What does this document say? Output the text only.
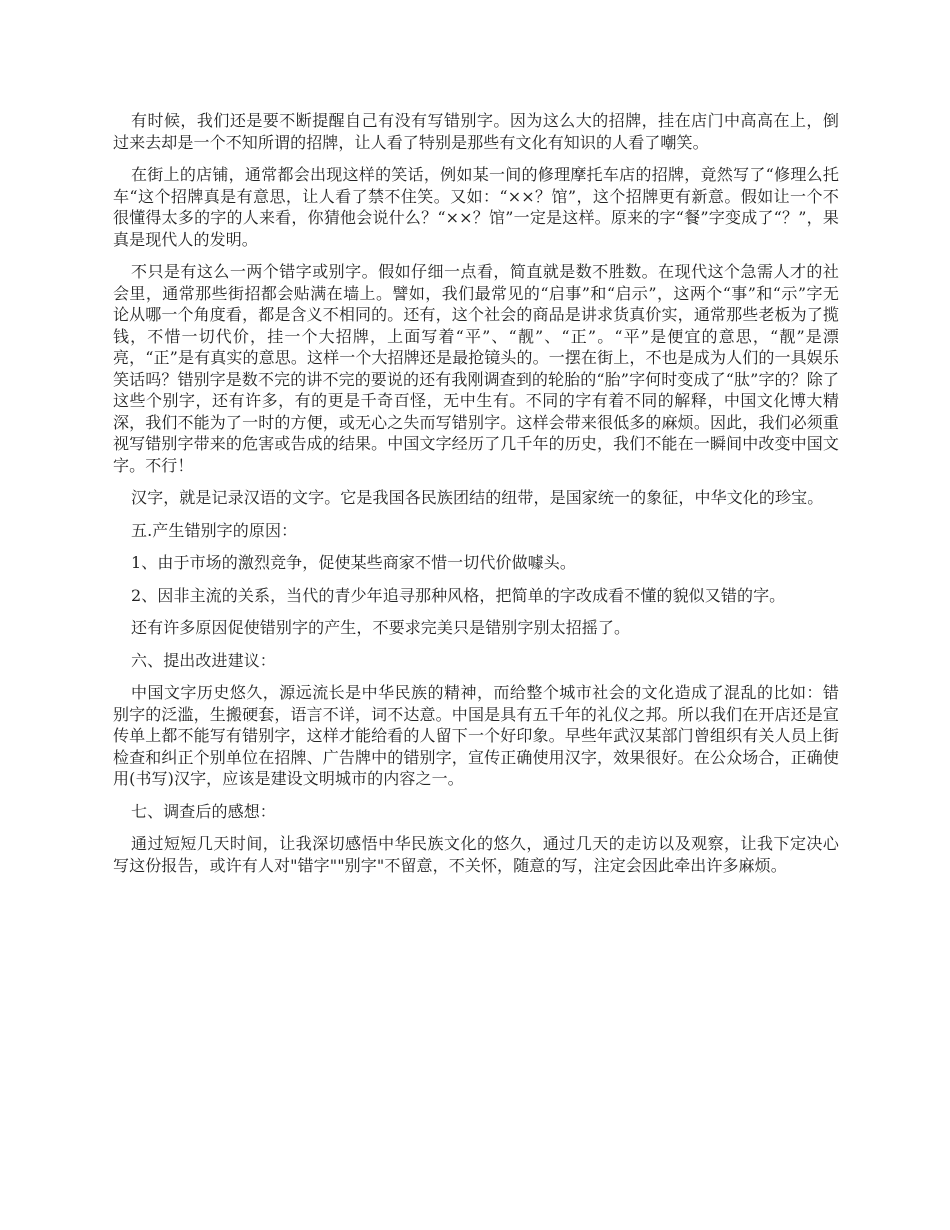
有时候，我们还是要不断提醒自己有没有写错别字。因为这么大的招牌，挂在店门中高高在上，倒过来去却是一个不知所谓的招牌，让人看了特别是那些有文化有知识的人看了嘲笑。

在街上的店铺，通常都会出现这样的笑话，例如某一间的修理摩托车店的招牌，竟然写了“修理么托车“这个招牌真是有意思，让人看了禁不住笑。又如：“××？馆”，这个招牌更有新意。假如让一个不很懂得太多的字的人来看，你猜他会说什么？“××？馆”一定是这样。原来的字“餐”字变成了“？”，果真是现代人的发明。

不只是有这么一两个错字或别字。假如仔细一点看，简直就是数不胜数。在现代这个急需人才的社会里，通常那些街招都会贴满在墙上。譬如，我们最常见的“启事”和“启示”，这两个“事”和“示”字无论从哪一个角度看，都是含义不相同的。还有，这个社会的商品是讲求货真价实，通常那些老板为了揽钱，不惜一切代价，挂一个大招牌，上面写着“平”、“靓”、“正”。“平”是便宜的意思，“靓”是漂亮，“正”是有真实的意思。这样一个大招牌还是最抢镜头的。一摆在街上，不也是成为人们的一具娱乐笑话吗？错别字是数不完的讲不完的要说的还有我刚调查到的轮胎的“胎”字何时变成了“肽”字的？除了这些个别字，还有许多，有的更是千奇百怪，无中生有。不同的字有着不同的解释，中国文化博大精深，我们不能为了一时的方便，或无心之失而写错别字。这样会带来很低多的麻烦。因此，我们必须重视写错别字带来的危害或告成的结果。中国文字经历了几千年的历史，我们不能在一瞬间中改变中国文字。不行！

汉字，就是记录汉语的文字。它是我国各民族团结的纽带，是国家统一的象征，中华文化的珍宝。

五.产生错别字的原因：

1、由于市场的激烈竞争，促使某些商家不惜一切代价做噱头。

2、因非主流的关系，当代的青少年追寻那种风格，把简单的字改成看不懂的貌似又错的字。

还有许多原因促使错别字的产生，不要求完美只是错别字别太招摇了。

六、提出改进建议：

中国文字历史悠久，源远流长是中华民族的精神，而给整个城市社会的文化造成了混乱的比如：错别字的泛滥，生搬硬套，语言不详，词不达意。中国是具有五千年的礼仪之邦。所以我们在开店还是宣传单上都不能写有错别字，这样才能给看的人留下一个好印象。早些年武汉某部门曾组织有关人员上街检查和纠正个别单位在招牌、广告牌中的错别字，宣传正确使用汉字，效果很好。在公众场合，正确使用(书写)汉字，应该是建设文明城市的内容之一。

七、调查后的感想：

通过短短几天时间，让我深切感悟中华民族文化的悠久，通过几天的走访以及观察，让我下定决心写这份报告，或许有人对"错字""别字"不留意，不关怀，随意的写，注定会因此牵出许多麻烦。
